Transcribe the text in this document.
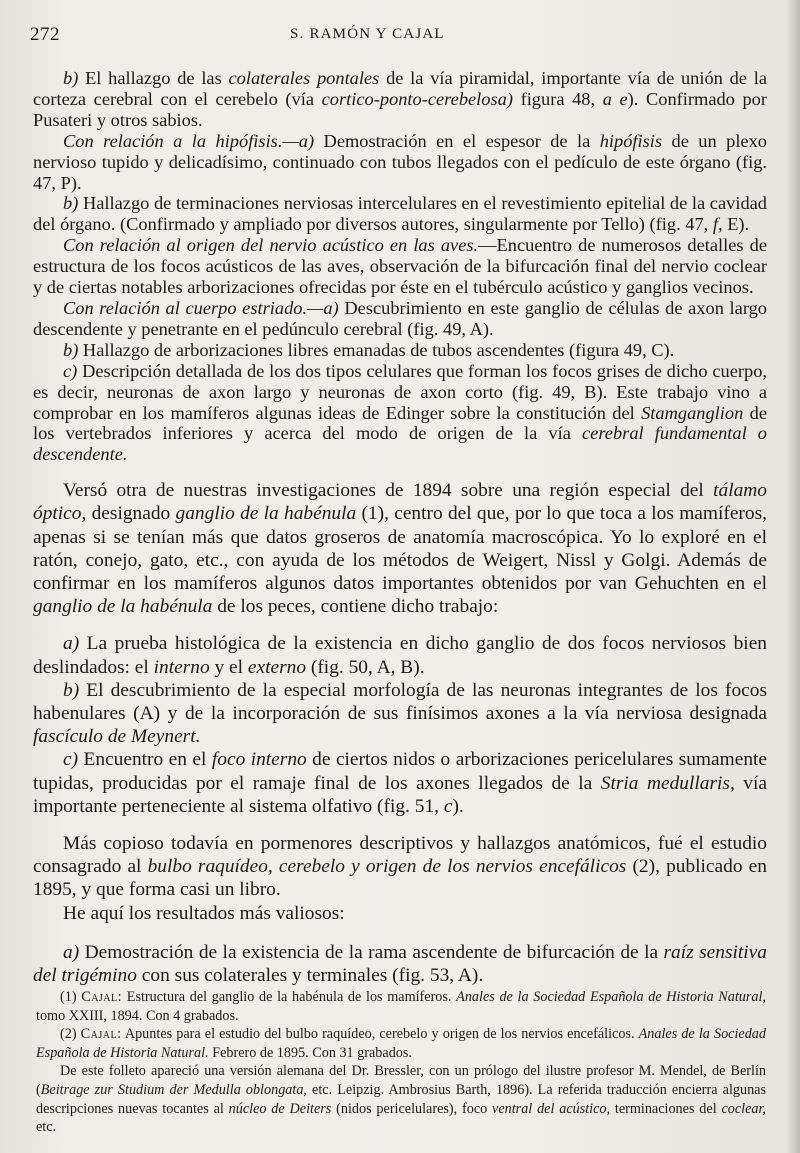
272	S. RAMÓN Y CAJAL

b) El hallazgo de las colaterales pontales de la vía piramidal, importante vía de unión de la corteza cerebral con el cerebelo (vía cortico-ponto-cerebelosa) figura 48, a e). Confirmado por Pusateri y otros sabios.

Con relación a la hipófisis.—a) Demostración en el espesor de la hipófisis de un plexo nervioso tupido y delicadísimo, continuado con tubos llegados con el pedículo de este órgano (fig. 47, P).

b) Hallazgo de terminaciones nerviosas intercelulares en el revestimiento epitelial de la cavidad del órgano. (Confirmado y ampliado por diversos autores, singularmente por Tello) (fig. 47, f, E).

Con relación al origen del nervio acústico en las aves.—Encuentro de numerosos detalles de estructura de los focos acústicos de las aves, observación de la bifurcación final del nervio coclear y de ciertas notables arborizaciones ofrecidas por éste en el tubérculo acústico y ganglios vecinos.

Con relación al cuerpo estriado.—a) Descubrimiento en este ganglio de células de axon largo descendente y penetrante en el pedúnculo cerebral (fig. 49, A).

b) Hallazgo de arborizaciones libres emanadas de tubos ascendentes (figura 49, C).

c) Descripción detallada de los dos tipos celulares que forman los focos grises de dicho cuerpo, es decir, neuronas de axon largo y neuronas de axon corto (fig. 49, B). Este trabajo vino a comprobar en los mamíferos algunas ideas de Edinger sobre la constitución del Stamganglion de los vertebrados inferiores y acerca del modo de origen de la vía cerebral fundamental o descendente.

Versó otra de nuestras investigaciones de 1894 sobre una región especial del tálamo óptico, designado ganglio de la habénula (1), centro del que, por lo que toca a los mamíferos, apenas si se tenían más que datos groseros de anatomía macroscópica. Yo lo exploré en el ratón, conejo, gato, etc., con ayuda de los métodos de Weigert, Nissl y Golgi. Además de confirmar en los mamíferos algunos datos importantes obtenidos por van Gehuchten en el ganglio de la habénula de los peces, contiene dicho trabajo:

a) La prueba histológica de la existencia en dicho ganglio de dos focos nerviosos bien deslindados: el interno y el externo (fig. 50, A, B).

b) El descubrimiento de la especial morfología de las neuronas integrantes de los focos habenulares (A) y de la incorporación de sus finísimos axones a la vía nerviosa designada fascículo de Meynert.

c) Encuentro en el foco interno de ciertos nidos o arborizaciones pericelulares sumamente tupidas, producidas por el ramaje final de los axones llegados de la Stria medullaris, vía importante perteneciente al sistema olfativo (fig. 51, c).

Más copioso todavía en pormenores descriptivos y hallazgos anatómicos, fué el estudio consagrado al bulbo raquídeo, cerebelo y origen de los nervios encefálicos (2), publicado en 1895, y que forma casi un libro.

He aquí los resultados más valiosos:

a) Demostración de la existencia de la rama ascendente de bifurcación de la raíz sensitiva del trigémino con sus colaterales y terminales (fig. 53, A).

(1) Cajal: Estructura del ganglio de la habénula de los mamíferos. Anales de la Sociedad Española de Historia Natural, tomo XXIII, 1894. Con 4 grabados.

(2) Cajal: Apuntes para el estudio del bulbo raquídeo, cerebelo y origen de los nervios encefálicos. Anales de la Sociedad Española de Historia Natural. Febrero de 1895. Con 31 grabados.

De este folleto apareció una versión alemana del Dr. Bressler, con un prólogo del ilustre profesor M. Mendel, de Berlín (Beitrage zur Studium der Medulla oblongata, etc. Leipzig. Ambrosius Barth, 1896). La referida traducción encierra algunas descripciones nuevas tocantes al núcleo de Deiters (nidos pericelulares), foco ventral del acústico, terminaciones del coclear, etc.
